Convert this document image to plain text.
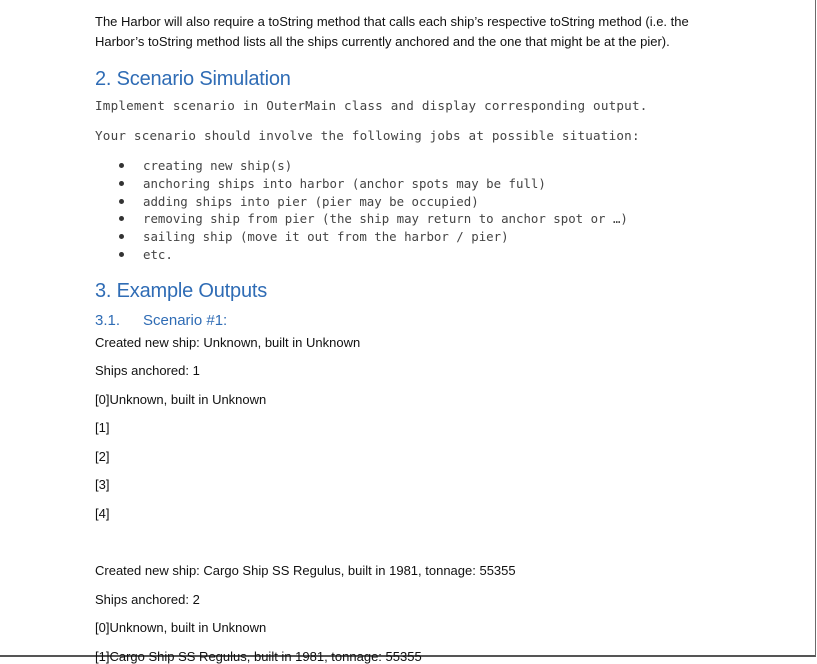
The Harbor will also require a toString method that calls each ship’s respective toString method (i.e. the

Harbor’s toString method lists all the ships currently anchored and the one that might be at the pier).

2. Scenario Simulation

Implement scenario in OuterMain class and display corresponding output.

Your scenario should involve the following jobs at possible situation:

creating new ship(s)
anchoring ships into harbor (anchor spots may be full)
adding ships into pier (pier may be occupied)
removing ship from pier (the ship may return to anchor spot or …)
sailing ship (move it out from the harbor / pier)
etc.
3. Example Outputs
3.1. Scenario #1:

Created new ship: Unknown, built in Unknown

Ships anchored: 1

[0]Unknown, built in Unknown

[1]

[2]

[3]

[4]

Created new ship: Cargo Ship SS Regulus, built in 1981, tonnage: 55355

Ships anchored: 2

[0]Unknown, built in Unknown

[1]Cargo Ship SS Regulus, built in 1981, tonnage: 55355
